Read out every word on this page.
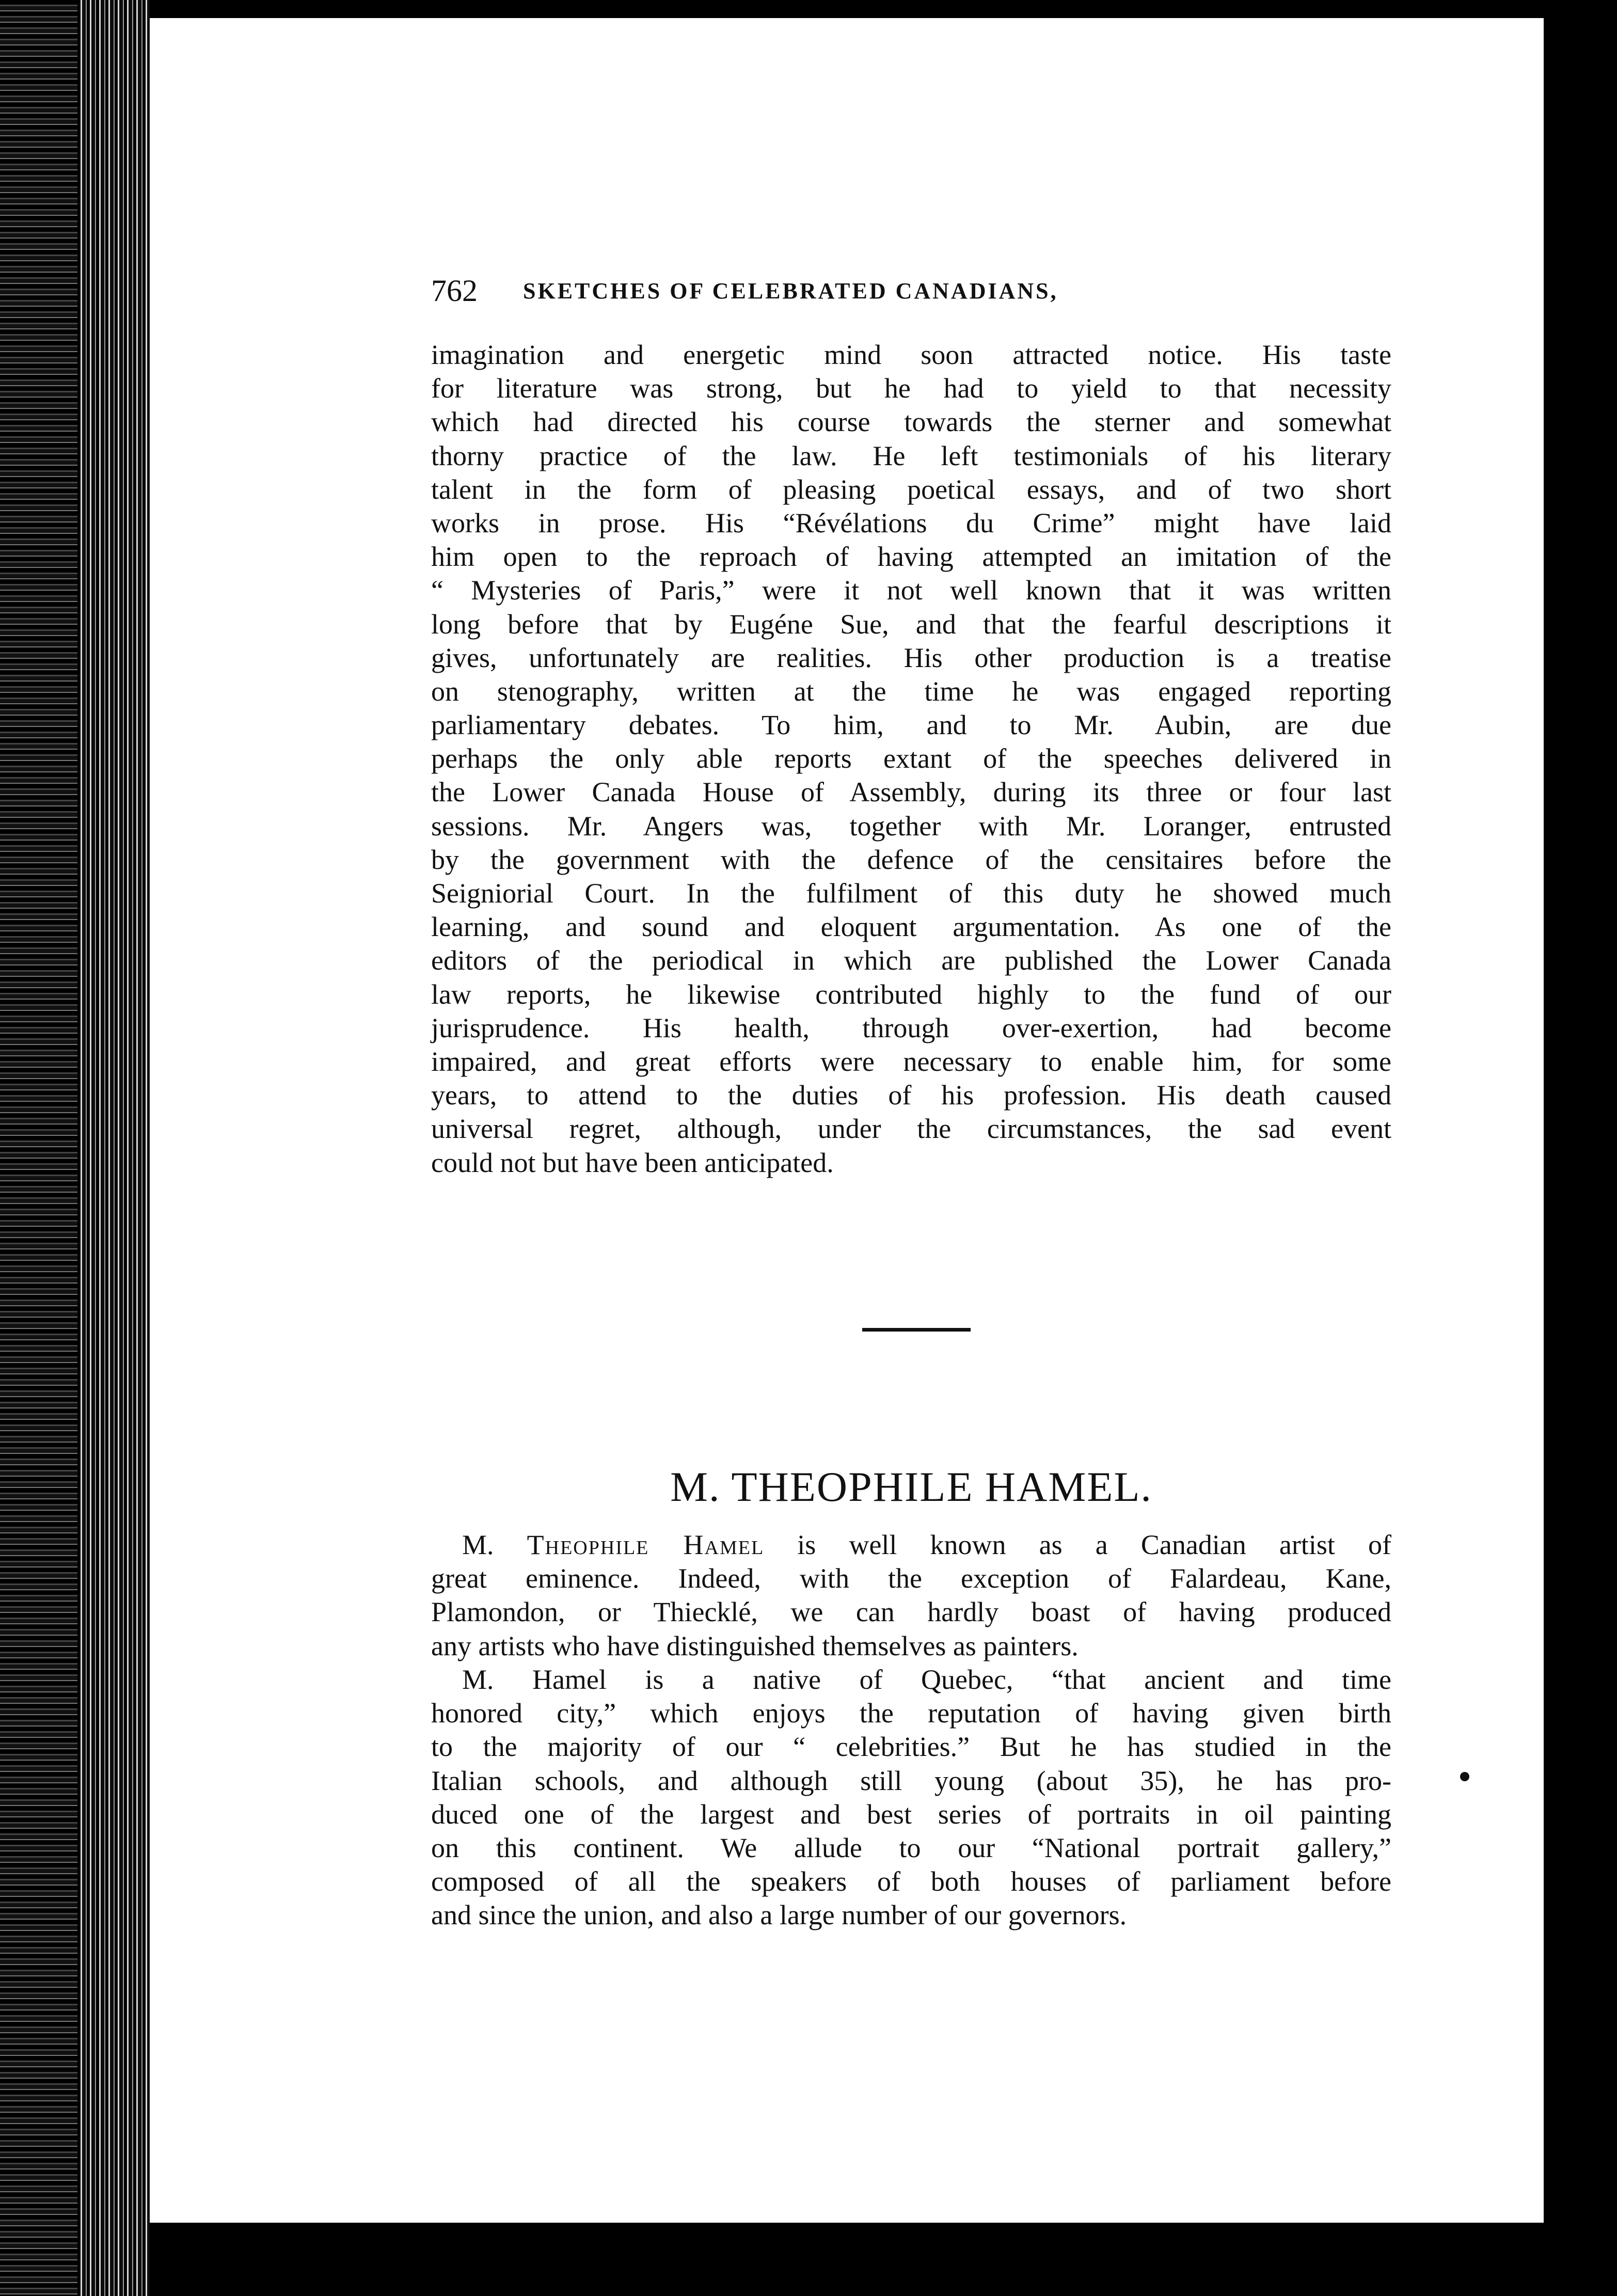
762 SKETCHES OF CELEBRATED CANADIANS,
imagination and energetic mind soon attracted notice. His taste
for literature was strong, but he had to yield to that necessity
which had directed his course towards the sterner and somewhat
thorny practice of the law. He left testimonials of his literary
talent in the form of pleasing poetical essays, and of two short
works in prose. His “Révélations du Crime” might have laid
him open to the reproach of having attempted an imitation of the
“ Mysteries of Paris,” were it not well known that it was written
long before that by Eugéne Sue, and that the fearful descriptions it
gives, unfortunately are realities. His other production is a treatise
on stenography, written at the time he was engaged reporting
parliamentary debates. To him, and to Mr. Aubin, are due
perhaps the only able reports extant of the speeches delivered in
the Lower Canada House of Assembly, during its three or four last
sessions. Mr. Angers was, together with Mr. Loranger, entrusted
by the government with the defence of the censitaires before the
Seigniorial Court. In the fulfilment of this duty he showed much
learning, and sound and eloquent argumentation. As one of the
editors of the periodical in which are published the Lower Canada
law reports, he likewise contributed highly to the fund of our
jurisprudence. His health, through over-exertion, had become
impaired, and great efforts were necessary to enable him, for some
years, to attend to the duties of his profession. His death caused
universal regret, although, under the circumstances, the sad event
could not but have been anticipated.
M. THEOPHILE HAMEL.
M. Theophile Hamel is well known as a Canadian artist of
great eminence. Indeed, with the exception of Falardeau, Kane,
Plamondon, or Thiecklé, we can hardly boast of having produced
any artists who have distinguished themselves as painters.
M. Hamel is a native of Quebec, “that ancient and time
honored city,” which enjoys the reputation of having given birth
to the majority of our “ celebrities.” But he has studied in the
Italian schools, and although still young (about 35), he has pro-
duced one of the largest and best series of portraits in oil painting
on this continent. We allude to our “National portrait gallery,”
composed of all the speakers of both houses of parliament before
and since the union, and also a large number of our governors.
